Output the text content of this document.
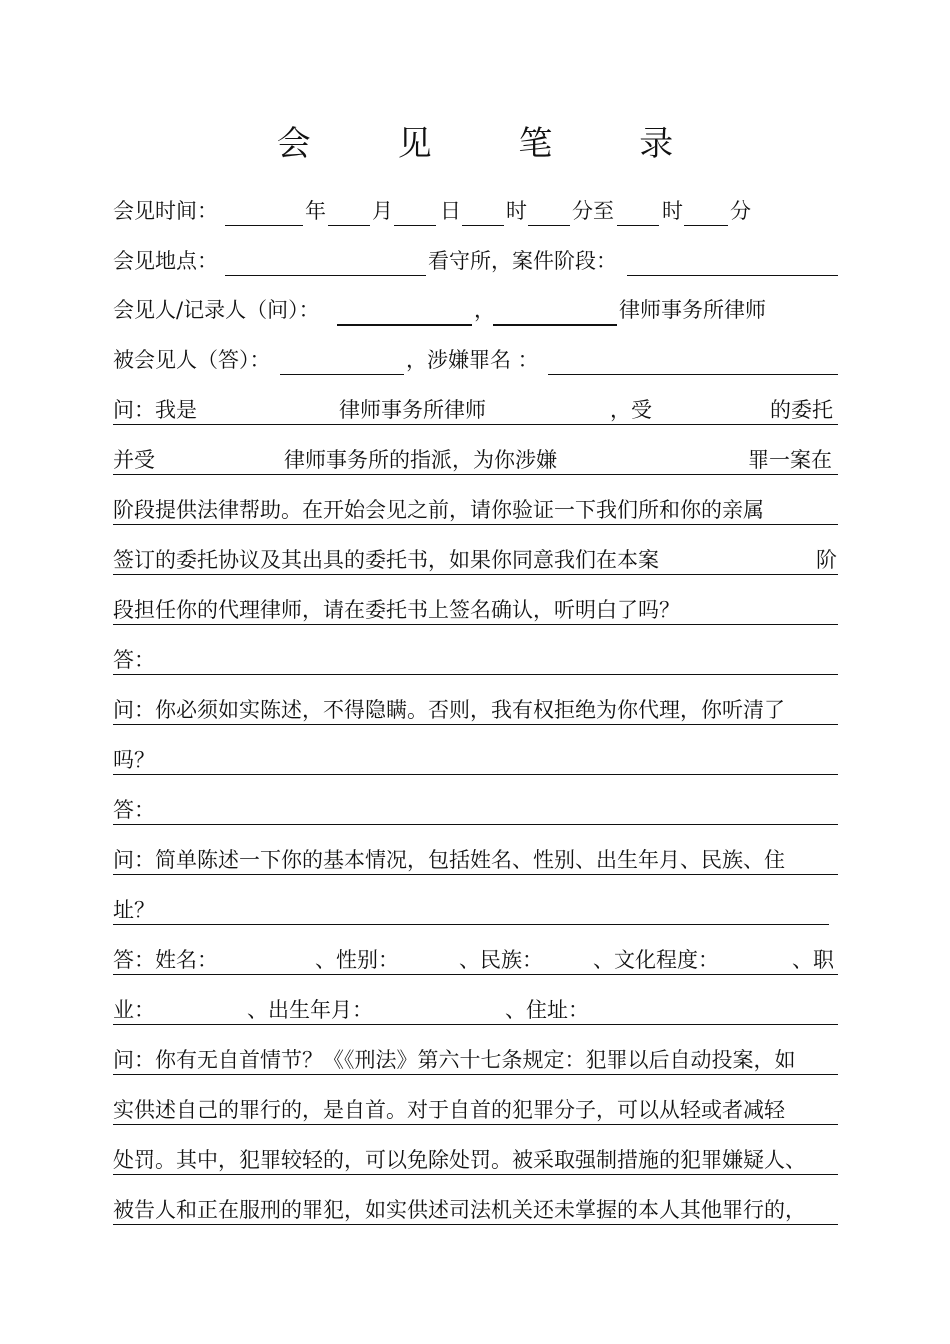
会 见 笔 录
会见时间：	年 月 日 时 分至 时 分
会见地点：	看守所，案件阶段：
会见人/记录人（问）：	，	律师事务所律师
被会见人（答）：	，涉嫌罪名 ：
问：我是	律师事务所律师	，受	的委托
并受	律师事务所的指派，为你涉嫌	罪一案在
阶段提供法律帮助。在开始会见之前，请你验证一下我们所和你的亲属
签订的委托协议及其出具的委托书，如果你同意我们在本案	阶
段担任你的代理律师，请在委托书上签名确认，听明白了吗？
答：
问：你必须如实陈述，不得隐瞒。否则，我有权拒绝为你代理，你听清了
吗？
答：
问：简单陈述一下你的基本情况，包括姓名、性别、出生年月、民族、住
址？
答：姓名：	、性别：	、民族： 、文化程度：	、职
业：	、出生年月：	、住址：
问：你有无自首情节？《《刑法》第六十七条规定：犯罪以后自动投案，如
实供述自己的罪行的，是自首。对于自首的犯罪分子，可以从轻或者减轻
处罚。其中，犯罪较轻的，可以免除处罚。被采取强制措施的犯罪嫌疑人、
被告人和正在服刑的罪犯，如实供述司法机关还未掌握的本人其他罪行的，
